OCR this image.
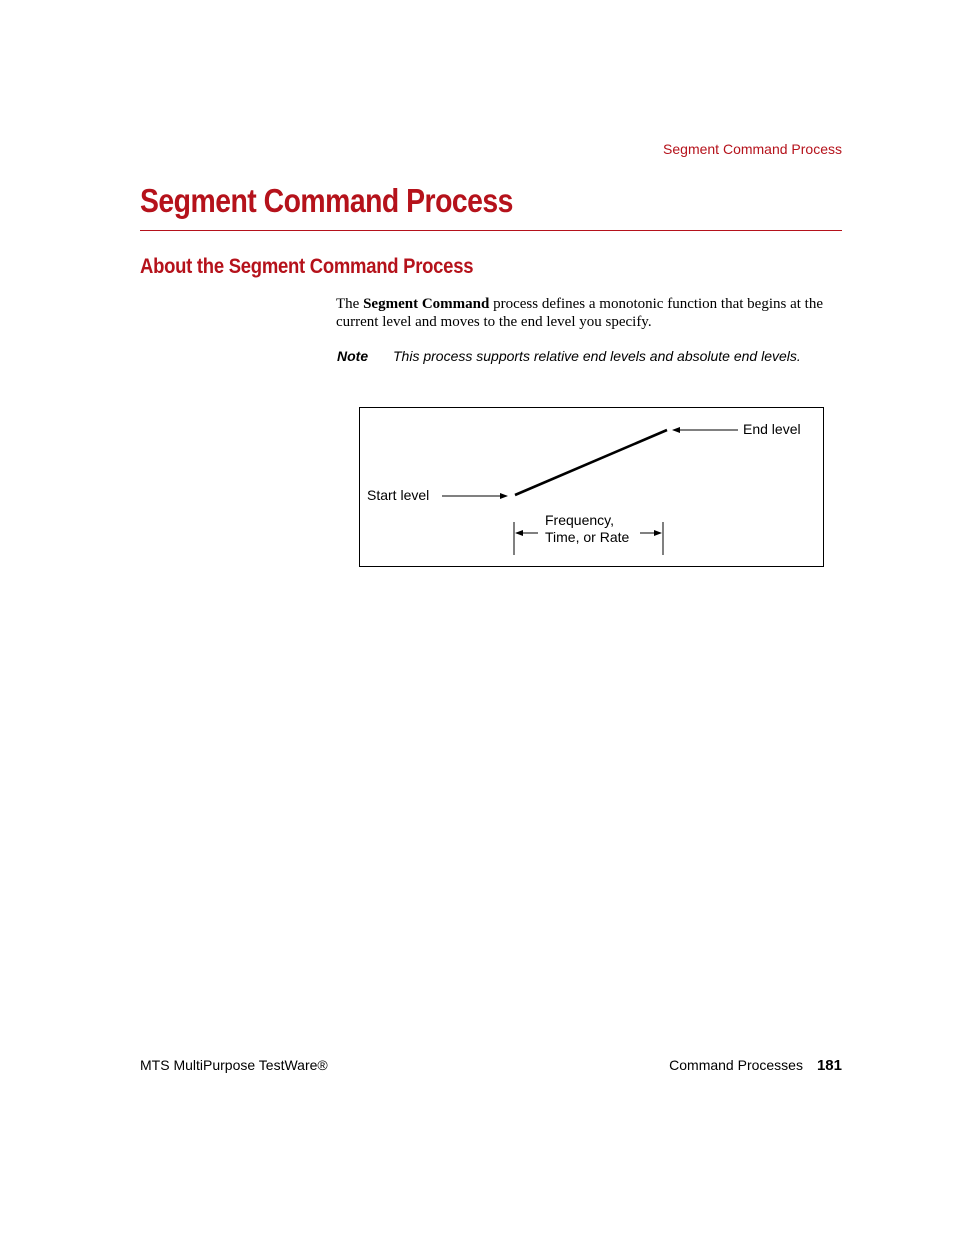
Segment Command Process
Segment Command Process
About the Segment Command Process

The Segment Command process defines a monotonic function that begins at the current level and moves to the end level you specify.

Note This process supports relative end levels and absolute end levels.
End level
Start level
Frequency,
Time, or Rate
MTS MultiPurpose TestWare®	Command Processes 181
